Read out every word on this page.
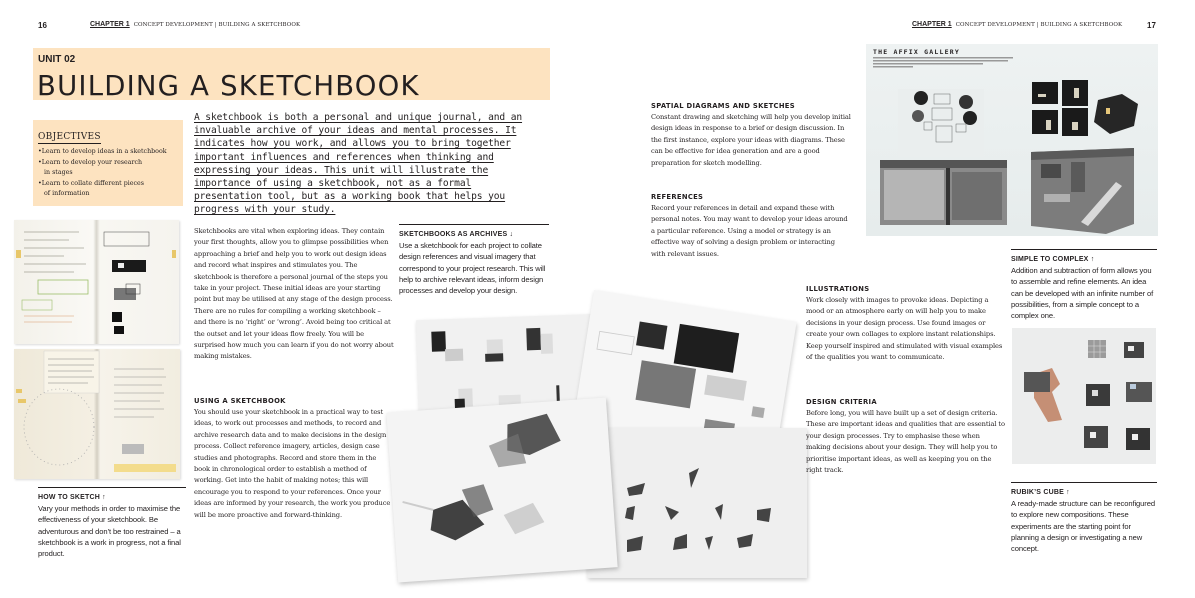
16	CHAPTER 1 CONCEPT DEVELOPMENT | BUILDING A SKETCHBOOK
UNIT 02
BUILDING A SKETCHBOOK
OBJECTIVES
• Learn to develop ideas in a sketchbook
• Learn to develop your research in stages
• Learn to collate different pieces of information
A sketchbook is both a personal and unique journal, and an invaluable archive of your ideas and mental processes. It indicates how you work, and allows you to bring together important influences and references when thinking and expressing your ideas. This unit will illustrate the importance of using a sketchbook, not as a formal presentation tool, but as a working book that helps you progress with your study.
Sketchbooks are vital when exploring ideas. They contain your first thoughts, allow you to glimpse possibilities when approaching a brief and help you to work out design ideas and record what inspires and stimulates you. The sketchbook is therefore a personal journal of the steps you take in your project. These initial ideas are your starting point but may be utilised at any stage of the design process. There are no rules for compiling a working sketchbook – and there is no ‘right’ or ‘wrong’. Avoid being too critical at the outset and let your ideas flow freely. You will be surprised how much you can learn if you do not worry about making mistakes.
USING A SKETCHBOOK
You should use your sketchbook in a practical way to test ideas, to work out processes and methods, to record and archive research data and to make decisions in the design process. Collect reference imagery, articles, design case studies and photographs. Record and store them in the book in chronological order to establish a method of working. Get into the habit of making notes; this will encourage you to respond to your references. Once your ideas are informed by your research, the work you produce will be more proactive and forward-thinking.
HOW TO SKETCH ↑
Vary your methods in order to maximise the effectiveness of your sketchbook. Be adventurous and don’t be too restrained – a sketchbook is a work in progress, not a final product.
SKETCHBOOKS AS ARCHIVES ↓
Use a sketchbook for each project to collate design references and visual imagery that correspond to your project research. This will help to archive relevant ideas, inform design processes and develop your design.
CHAPTER 1 CONCEPT DEVELOPMENT | BUILDING A SKETCHBOOK	17
THE AFFIX GALLERY
SPATIAL DIAGRAMS AND SKETCHES
Constant drawing and sketching will help you develop initial design ideas in response to a brief or design discussion. In the first instance, explore your ideas with diagrams. These can be effective for idea generation and are a good preparation for sketch modelling.
REFERENCES
Record your references in detail and expand these with personal notes. You may want to develop your ideas around a particular reference. Using a model or strategy is an effective way of solving a design problem or interacting with relevant issues.
ILLUSTRATIONS
Work closely with images to provoke ideas. Depicting a mood or an atmosphere early on will help you to make decisions in your design process. Use found images or create your own collages to explore instant relationships. Keep yourself inspired and stimulated with visual examples of the qualities you want to communicate.
DESIGN CRITERIA
Before long, you will have built up a set of design criteria. These are important ideas and qualities that are essential to your design processes. Try to emphasise these when making decisions about your design. They will help you to prioritise important ideas, as well as keeping you on the right track.
SIMPLE TO COMPLEX ↑
Addition and subtraction of form allows you to assemble and refine elements. An idea can be developed with an infinite number of possibilities, from a simple concept to a complex one.
RUBIK’S CUBE ↑
A ready-made structure can be reconfigured to explore new compositions. These experiments are the starting point for planning a design or investigating a new concept.
